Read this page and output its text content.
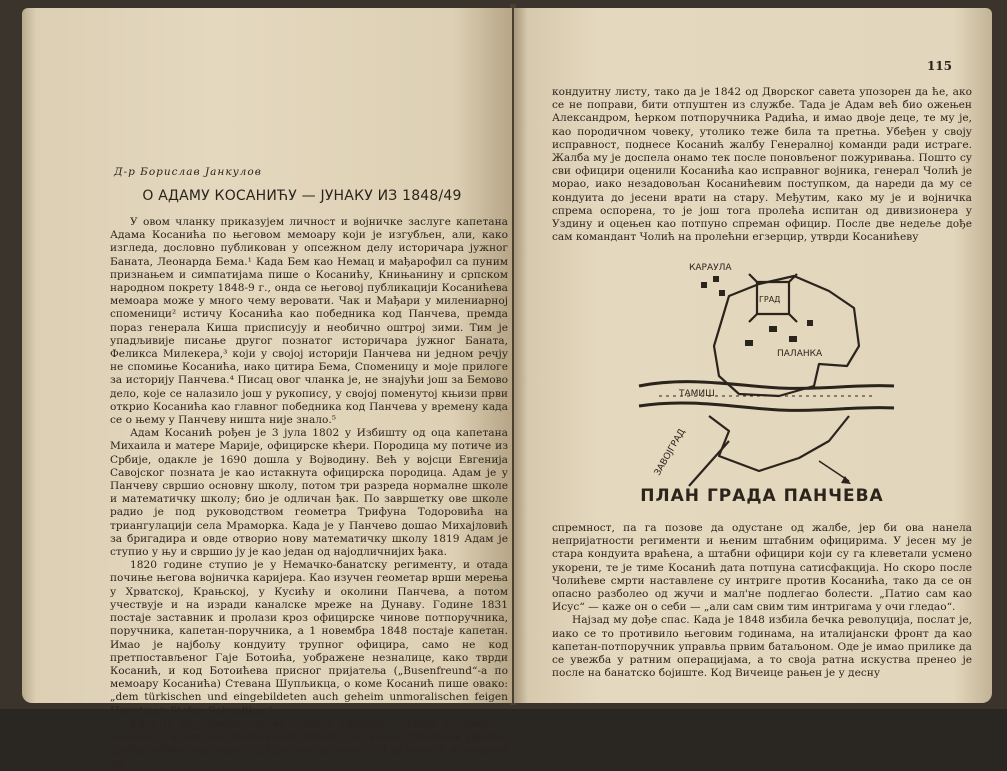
Д-р Борислав Јанкулов
О АДАМУ КОСАНИЋУ — ЈУНАКУ ИЗ 1848/49

У овом чланку приказујем личност и војничке заслуге капетана Адама Косанића по његовом мемоару који је изгубљен, али, како изгледа, дословно публикован у опсежном делу историчара јужног Баната, Леонарда Бема.¹ Када Бем као Немац и мађарофил са пуним признањем и симпатијама пише о Косанићу, Книњанину и српском народном покрету 1848-9 г., онда се његовој публикацији Косанићева мемоара може у много чему веровати. Чак и Мађари у милениарној споменици² истичу Косанића као победника код Панчева, премда пораз генерала Киша присписују и необично оштрој зими. Тим је упадљивије писање другог познатог историчара јужног Баната, Феликса Милекера,³ који у својој историји Панчева ни једном речју не спомиње Косанића, иако цитира Бема, Споменицу и моје прилоге за историју Панчева.⁴ Писац овог чланка је, не знајући још за Бемово дело, које се налазило још у рукопису, у својој поменутој књизи први открио Косанића као главног победника код Панчева у времену када се о њему у Панчеву ништа није знало.⁵

Адам Косанић рођен је 3 јула 1802 у Избишту од оца капетана Михаила и матере Марије, официрске кћери. Породица му потиче из Србије, одакле је 1690 дошла у Војводину. Већ у војсци Евгенија Савојског позната је као истакнута официрска породица. Адам је у Панчеву свршио основну школу, потом три разреда нормалне школе и математичку школу; био је одличан ђак. По завршетку ове школе радио је под руководством геометра Трифуна Тодоровића на триангулацији села Мраморка. Када је у Панчево дошао Михајловић за бригадира и овде отворио нову математичку школу 1819 Адам је ступио у њу и свршио ју је као један од најодличнијих ђака.

1820 године ступио је у Немачко-банатску регименту, и отада почиње његова војничка каријера. Као изучен геометар врши мерења у Хрватској, Крањској, у Кусићу и околини Панчева, а потом учествује и на изради каналске мреже на Дунаву. Године 1831 постаје заставник и пролази кроз официрске чинове потпоручника, поручника, капетан-поручника, а 1 новембра 1848 постаје капетан. Имао је најбољу кондуиту трупног официра, само не код претпостављеног Гаје Ботоића, уображене незналице, како тврди Косанић, и код Ботоићева присног пријатеља („Busenfreund“-а по мемоару Косанића) Стевана Шупљикца, о коме Косанић пише овако: „dem türkischen und eingebildeten auch geheim unmoralischen feigen Hauptman Stefan Schuplikac“.

Када је Шупљикац постао штабни официр — пише Косанић — почела је и његова, Косанићева звезда да тамни. Пуковник Душан, среброљубац, подбадан од Шупљикца, почео га је гонити и кварити му

115

кондуитну листу, тако да је 1842 од Дворског савета упозорен да ће, ако се не поправи, бити отпуштен из службе. Тада је Адам већ био ожењен Александром, ћерком потпоручника Радића, и имао двоје деце, те му је, као породичном човеку, утолико теже била та претња. Убеђен у своју исправност, поднесе Косанић жалбу Генералној команди ради истраге. Жалба му је доспела онамо тек после поновљеног пожуривања. Пошто су сви официри оценили Косанића као исправног војника, генерал Чолић је морао, иако незадовољан Косанићевим поступком, да нареди да му се кондуита до јесени врати на стару. Међутим, како му је и војничка спрема оспорена, то је још тога пролећа испитан од дивизионера у Уздину и оцењен као потпуно спреман официр. После две недеље дође сам командант Чолић на пролећни егзерцир, утврди Косанићеву

КАРАУЛА
ГРАД
ПАЛАНКА
ТАМИШ
ЗАВОЈГРАД
ПЛАН ГРАДА ПАНЧЕВА

спремност, па га позове да одустане од жалбе, јер би ова нанела непријатности регименти и њеним штабним официрима. У јесен му је стара кондуита враћена, а штабни официри који су га клеветали усмено укорени, те је тиме Косанић дата потпуна сатисфакција. Но скоро после Чолићеве смрти наставлене су интриге против Косанића, тако да се он опасно разболео од жучи и мал'не подлегао болести. „Патио сам као Исус“ — каже он о себи — „али сам свим тим интригама у очи гледао“.

Најзад му дође спас. Када је 1848 избила бечка револуција, послат је, иако се то противило његовим годинама, на италијански фронт да као капетан-потпоручник управља првим батаљоном. Оде је имао прилике да се увежба у ратним операцијама, а то своја ратна искуства пренео је после на банатско бојиште. Код Вичеице рањен је у десну
